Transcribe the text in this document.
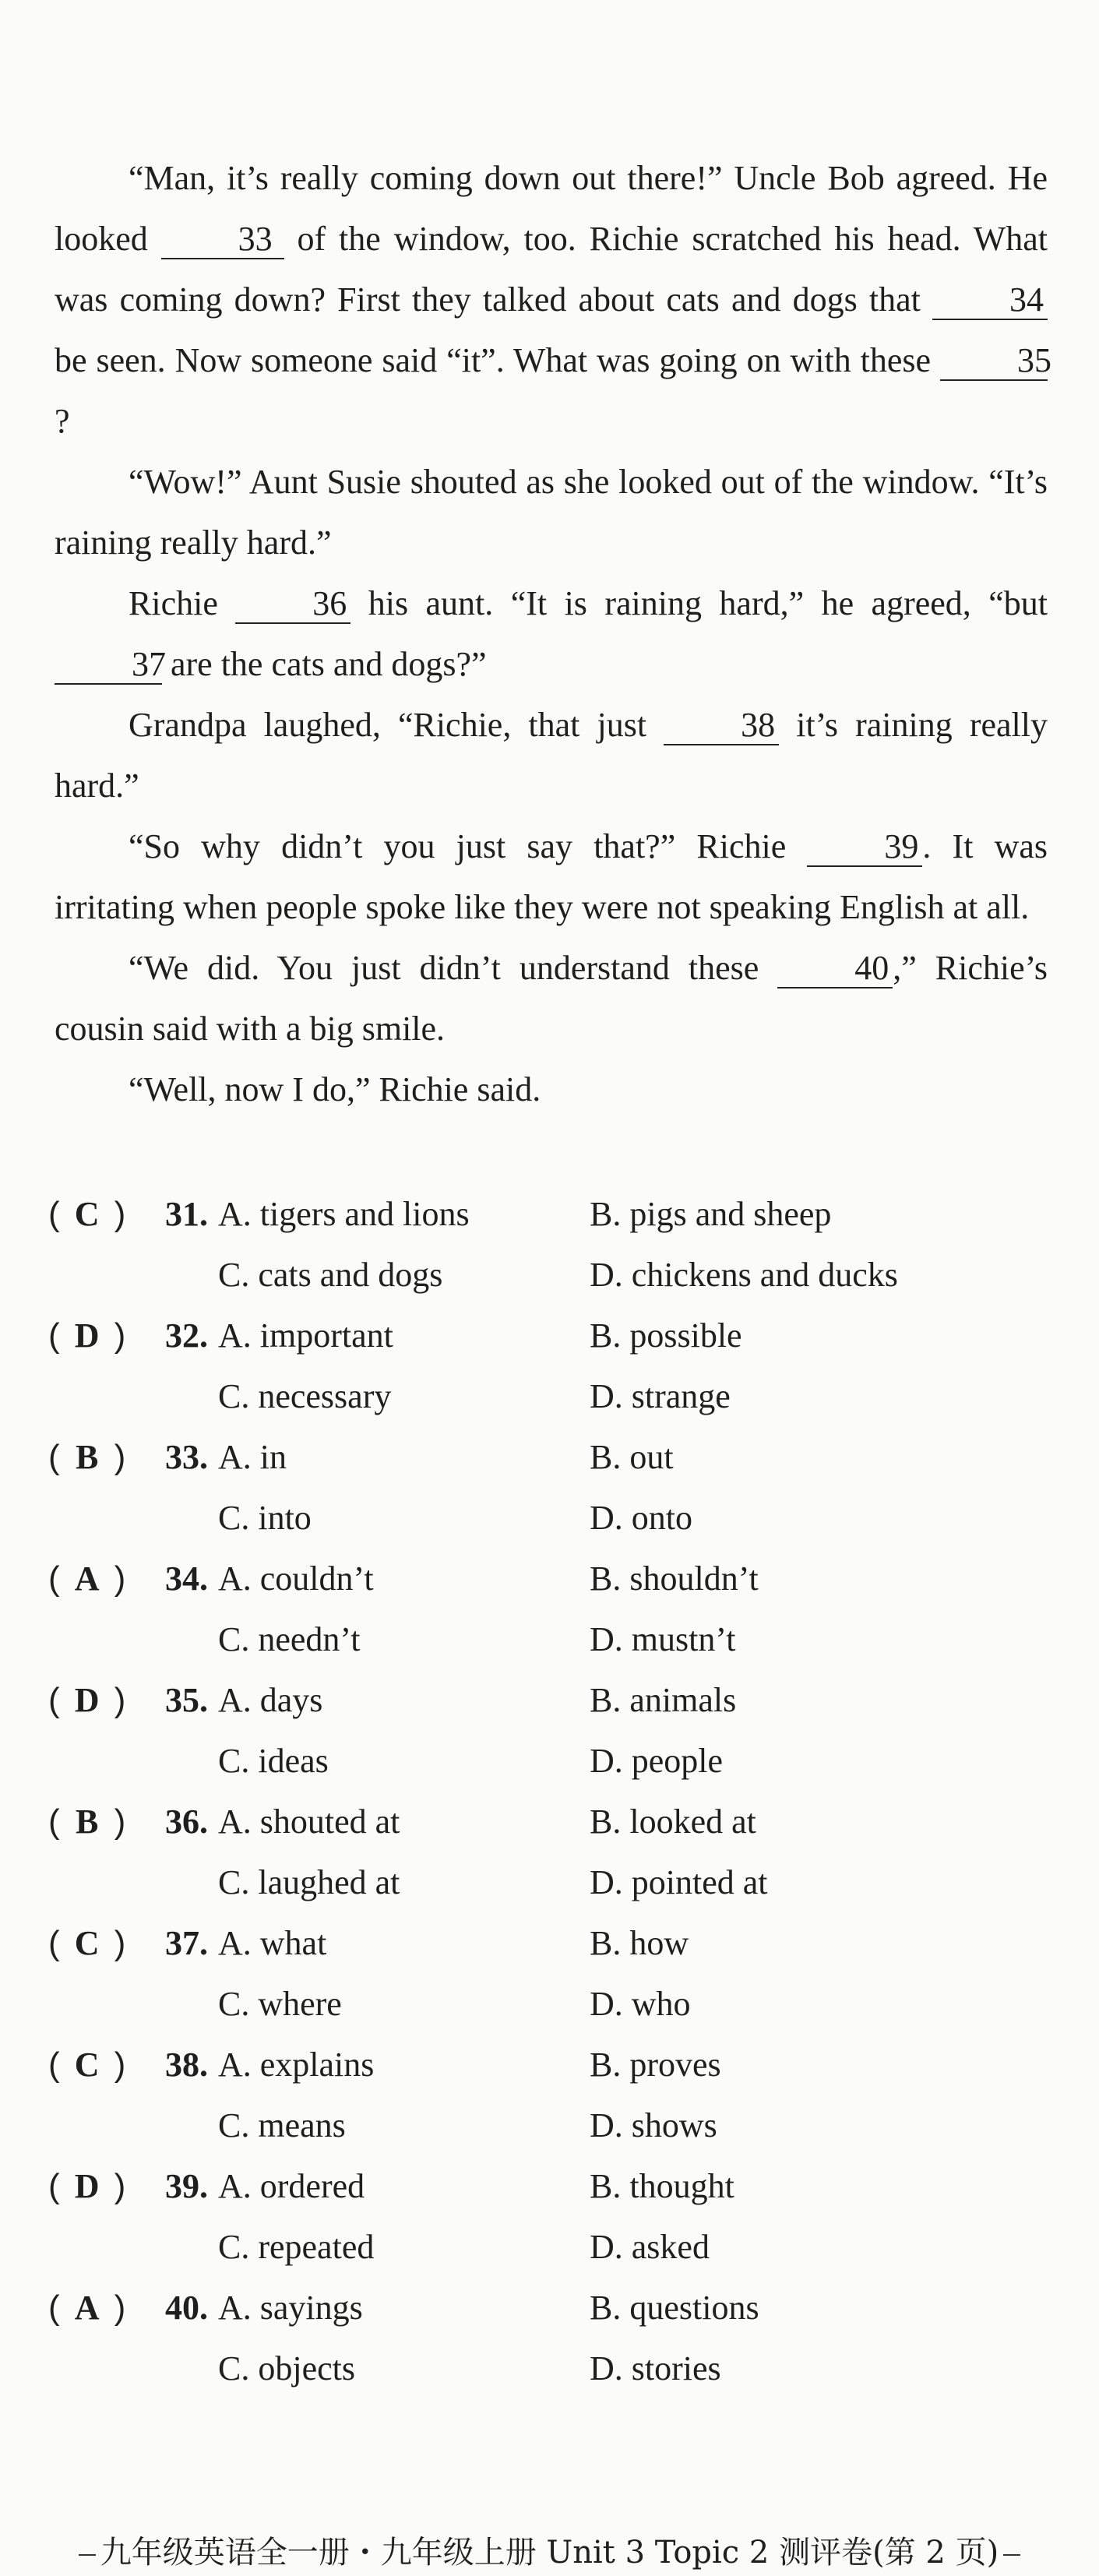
“Man, it’s really coming down out there!” Uncle Bob agreed. He looked 33 of the window, too. Richie scratched his head. What was coming down? First they talked about cats and dogs that 34 be seen. Now someone said “it”. What was going on with these 35?

“Wow!” Aunt Susie shouted as she looked out of the window. “It’s raining really hard.”

Richie 36 his aunt. “It is raining hard,” he agreed, “but 37 are the cats and dogs?”

Grandpa laughed, “Richie, that just 38 it’s raining really hard.”

“So why didn’t you just say that?” Richie 39 . It was irritating when people spoke like they were not speaking English at all.

“We did. You just didn’t understand these 40 ,” Richie’s cousin said with a big smile.

“Well, now I do,” Richie said.

( C ) 31. A. tigers and lions	B. pigs and sheep
C. cats and dogs	D. chickens and ducks
( D ) 32. A. important	B. possible
C. necessary	D. strange
( B ) 33. A. in	B. out
C. into	D. onto
( A ) 34. A. couldn’t	B. shouldn’t
C. needn’t	D. mustn’t
( D ) 35. A. days	B. animals
C. ideas	D. people
( B ) 36. A. shouted at	B. looked at
C. laughed at	D. pointed at
( C ) 37. A. what	B. how
C. where	D. who
( C ) 38. A. explains	B. proves
C. means	D. shows
( D ) 39. A. ordered	B. thought
C. repeated	D. asked
( A ) 40. A. sayings	B. questions
C. objects	D. stories
九年级英语全一册・九年级上册 Unit 3 Topic 2 测评卷(第 2 页)
